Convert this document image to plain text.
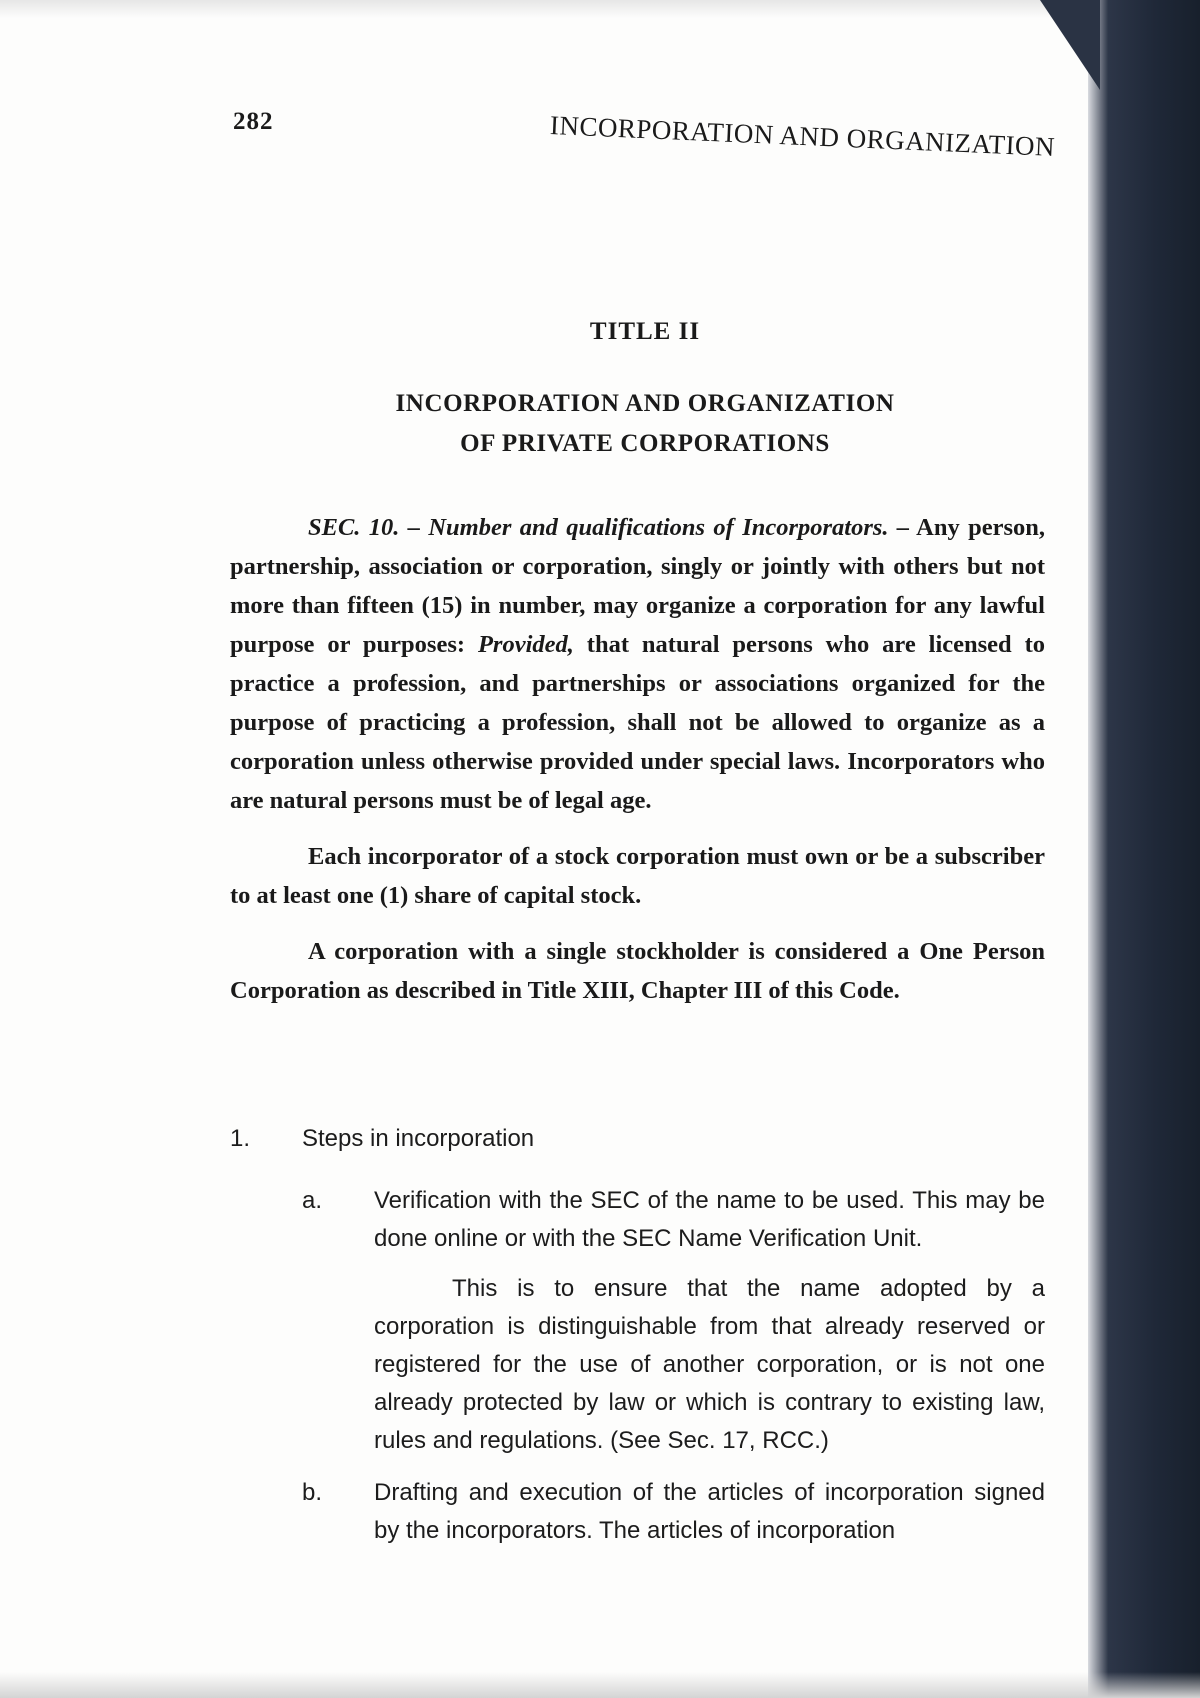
282	INCORPORATION AND ORGANIZATION
TITLE II
INCORPORATION AND ORGANIZATION
OF PRIVATE CORPORATIONS

SEC. 10. – Number and qualifications of Incorporators. – Any person, partnership, association or corporation, singly or jointly with others but not more than fifteen (15) in number, may organize a corporation for any lawful purpose or purposes: Provided, that natural persons who are licensed to practice a profession, and partnerships or associations organized for the purpose of practicing a profession, shall not be allowed to organize as a corporation unless otherwise provided under special laws. Incorporators who are natural persons must be of legal age.

Each incorporator of a stock corporation must own or be a subscriber to at least one (1) share of capital stock.

A corporation with a single stockholder is considered a One Person Corporation as described in Title XIII, Chapter III of this Code.

1.	Steps in incorporation
a.	Verification with the SEC of the name to be used. This may be done online or with the SEC Name Verification Unit.

This is to ensure that the name adopted by a corporation is distinguishable from that already reserved or registered for the use of another corporation, or is not one already protected by law or which is contrary to existing law, rules and regulations. (See Sec. 17, RCC.)

b.	Drafting and execution of the articles of incorporation signed by the incorporators. The articles of incorporation
